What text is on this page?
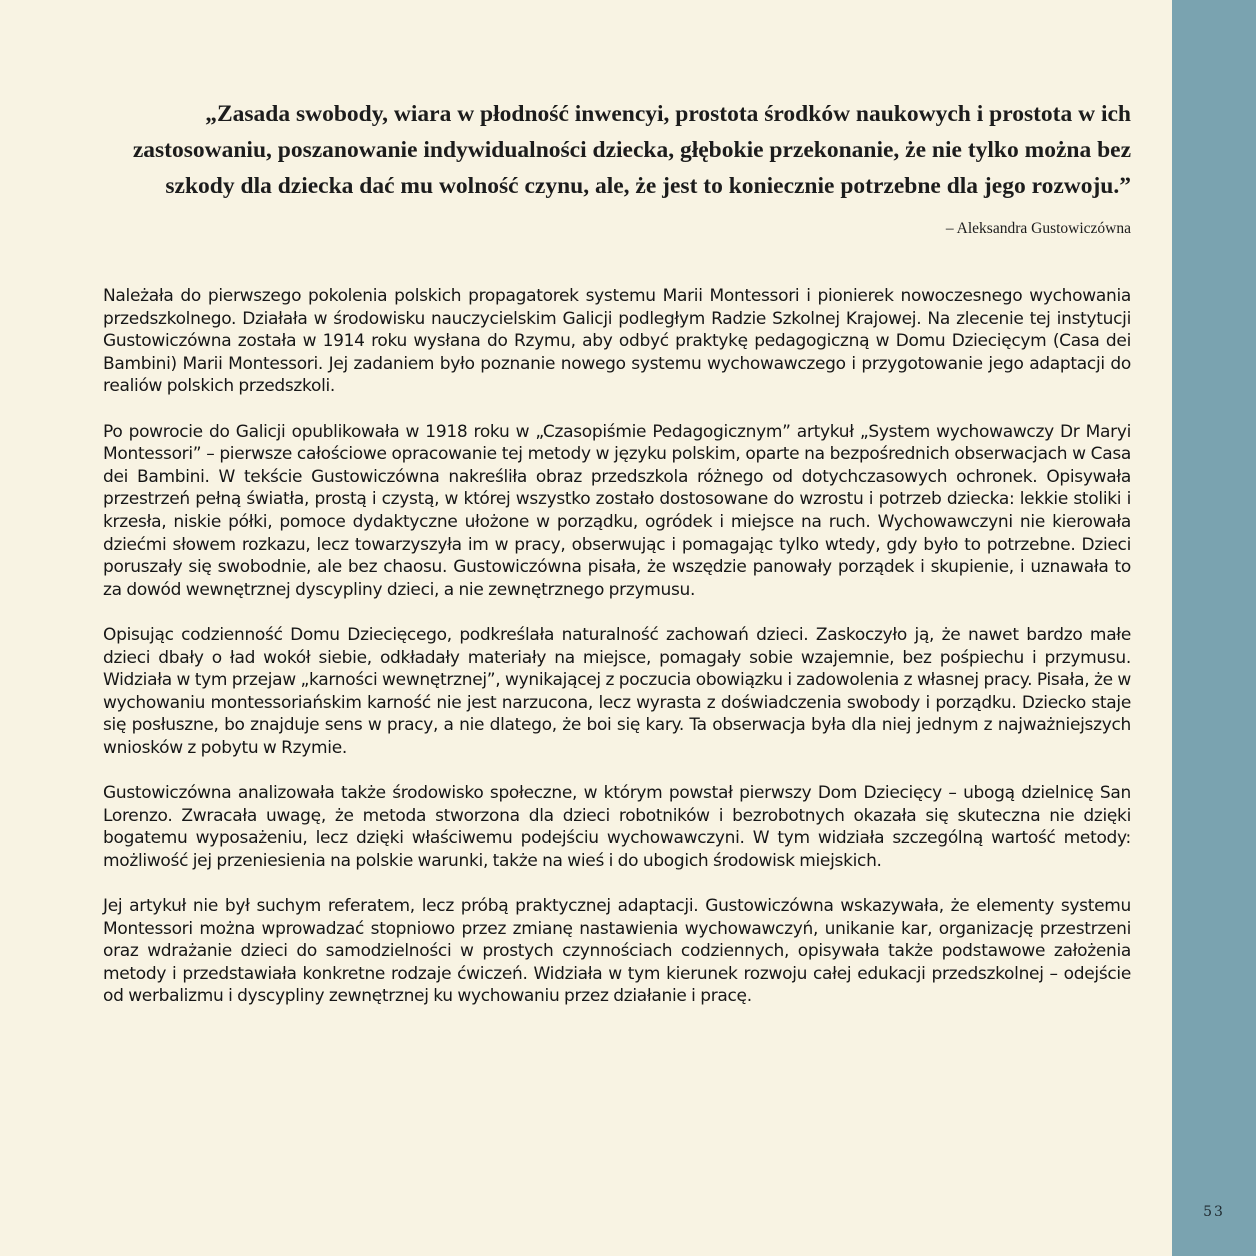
„Zasada swobody, wiara w płodność inwencyi, prostota środków naukowych i prostota w ich zastosowaniu, poszanowanie indywidualności dziecka, głębokie przekonanie, że nie tylko można bez szkody dla dziecka dać mu wolność czynu, ale, że jest to koniecznie potrzebne dla jego rozwoju.”

– Aleksandra Gustowiczówna

Należała do pierwszego pokolenia polskich propagatorek systemu Marii Montessori i pionierek nowoczesnego wychowania przedszkolnego. Działała w środowisku nauczycielskim Galicji podległym Radzie Szkolnej Krajowej. Na zlecenie tej instytucji Gustowiczówna została w 1914 roku wysłana do Rzymu, aby odbyć praktykę pedagogiczną w Domu Dziecięcym (Casa dei Bambini) Marii Montessori. Jej zadaniem było poznanie nowego systemu wychowawczego i przygotowanie jego adaptacji do realiów polskich przedszkoli.

Po powrocie do Galicji opublikowała w 1918 roku w „Czasopiśmie Pedagogicznym” artykuł „System wychowawczy Dr Maryi Montessori” – pierwsze całościowe opracowanie tej metody w języku polskim, oparte na bezpośrednich obserwacjach w Casa dei Bambini. W tekście Gustowiczówna nakreśliła obraz przedszkola różnego od dotychczasowych ochronek. Opisywała przestrzeń pełną światła, prostą i czystą, w której wszystko zostało dostosowane do wzrostu i potrzeb dziecka: lekkie stoliki i krzesła, niskie półki, pomoce dydaktyczne ułożone w porządku, ogródek i miejsce na ruch. Wychowawczyni nie kierowała dziećmi słowem rozkazu, lecz towarzyszyła im w pracy, obserwując i pomagając tylko wtedy, gdy było to potrzebne. Dzieci poruszały się swobodnie, ale bez chaosu. Gustowiczówna pisała, że wszędzie panowały porządek i skupienie, i uznawała to za dowód wewnętrznej dyscypliny dzieci, a nie zewnętrznego przymusu.

Opisując codzienność Domu Dziecięcego, podkreślała naturalność zachowań dzieci. Zaskoczyło ją, że nawet bardzo małe dzieci dbały o ład wokół siebie, odkładały materiały na miejsce, pomagały sobie wzajemnie, bez pośpiechu i przymusu. Widziała w tym przejaw „karności wewnętrznej”, wynikającej z poczucia obowiązku i zadowolenia z własnej pracy. Pisała, że w wychowaniu montessoriańskim karność nie jest narzucona, lecz wyrasta z doświadczenia swobody i porządku. Dziecko staje się posłuszne, bo znajduje sens w pracy, a nie dlatego, że boi się kary. Ta obserwacja była dla niej jednym z najważniejszych wniosków z pobytu w Rzymie.

Gustowiczówna analizowała także środowisko społeczne, w którym powstał pierwszy Dom Dziecięcy – ubogą dzielnicę San Lorenzo. Zwracała uwagę, że metoda stworzona dla dzieci robotników i bezrobotnych okazała się skuteczna nie dzięki bogatemu wyposażeniu, lecz dzięki właściwemu podejściu wychowawczyni. W tym widziała szczególną wartość metody: możliwość jej przeniesienia na polskie warunki, także na wieś i do ubogich środowisk miejskich.

Jej artykuł nie był suchym referatem, lecz próbą praktycznej adaptacji. Gustowiczówna wskazywała, że elementy systemu Montessori można wprowadzać stopniowo przez zmianę nastawienia wychowawczyń, unikanie kar, organizację przestrzeni oraz wdrażanie dzieci do samodzielności w prostych czynnościach codziennych, opisywała także podstawowe założenia metody i przedstawiała konkretne rodzaje ćwiczeń. Widziała w tym kierunek rozwoju całej edukacji przedszkolnej – odejście od werbalizmu i dyscypliny zewnętrznej ku wychowaniu przez działanie i pracę.

53
